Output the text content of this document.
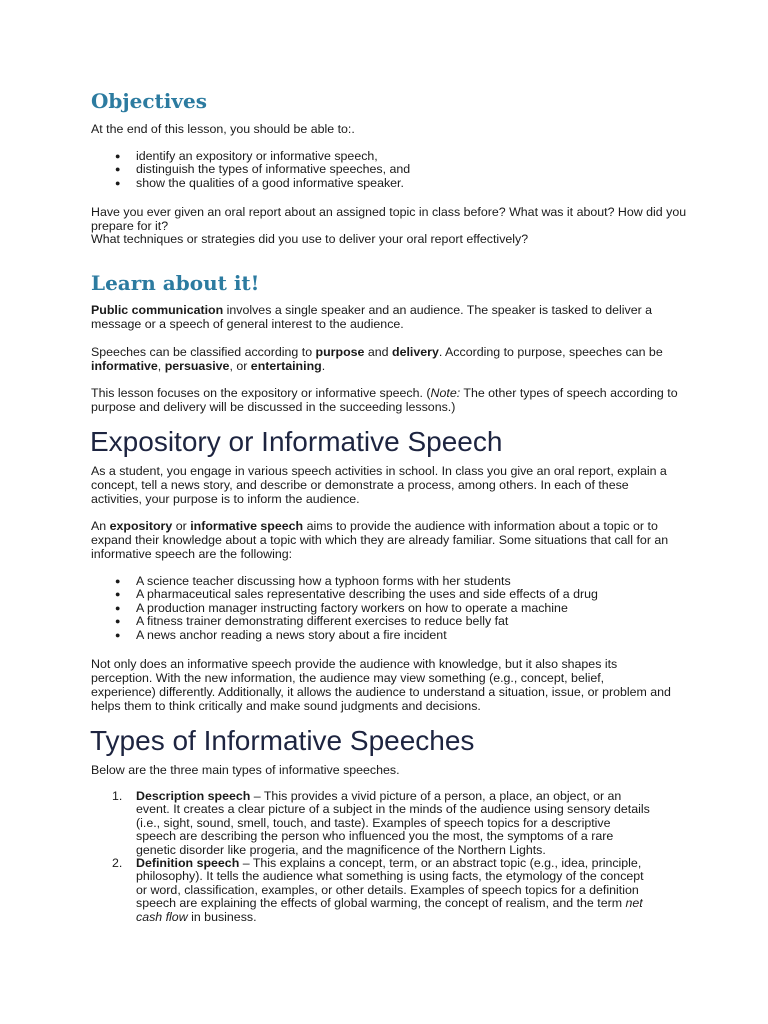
Objectives

At the end of this lesson, you should be able to:.

● identify an expository or informative speech,
● distinguish the types of informative speeches, and
● show the qualities of a good informative speaker.

Have you ever given an oral report about an assigned topic in class before? What was it about? How did you prepare for it?

What techniques or strategies did you use to deliver your oral report effectively?

Learn about it!

Public communication involves a single speaker and an audience. The speaker is tasked to deliver a message or a speech of general interest to the audience.

Speeches can be classified according to purpose and delivery. According to purpose, speeches can be informative, persuasive, or entertaining.

This lesson focuses on the expository or informative speech. (Note: The other types of speech according to purpose and delivery will be discussed in the succeeding lessons.)

Expository or Informative Speech

As a student, you engage in various speech activities in school. In class you give an oral report, explain a concept, tell a news story, and describe or demonstrate a process, among others. In each of these activities, your purpose is to inform the audience.

An expository or informative speech aims to provide the audience with information about a topic or to expand their knowledge about a topic with which they are already familiar. Some situations that call for an informative speech are the following:

● A science teacher discussing how a typhoon forms with her students
● A pharmaceutical sales representative describing the uses and side effects of a drug
● A production manager instructing factory workers on how to operate a machine
● A fitness trainer demonstrating different exercises to reduce belly fat
● A news anchor reading a news story about a fire incident

Not only does an informative speech provide the audience with knowledge, but it also shapes its perception. With the new information, the audience may view something (e.g., concept, belief, experience) differently. Additionally, it allows the audience to understand a situation, issue, or problem and helps them to think critically and make sound judgments and decisions.

Types of Informative Speeches

Below are the three main types of informative speeches.

1. Description speech – This provides a vivid picture of a person, a place, an object, or an event. It creates a clear picture of a subject in the minds of the audience using sensory details (i.e., sight, sound, smell, touch, and taste). Examples of speech topics for a descriptive speech are describing the person who influenced you the most, the symptoms of a rare genetic disorder like progeria, and the magnificence of the Northern Lights.
2. Definition speech – This explains a concept, term, or an abstract topic (e.g., idea, principle, philosophy). It tells the audience what something is using facts, the etymology of the concept or word, classification, examples, or other details. Examples of speech topics for a definition speech are explaining the effects of global warming, the concept of realism, and the term net cash flow in business.
